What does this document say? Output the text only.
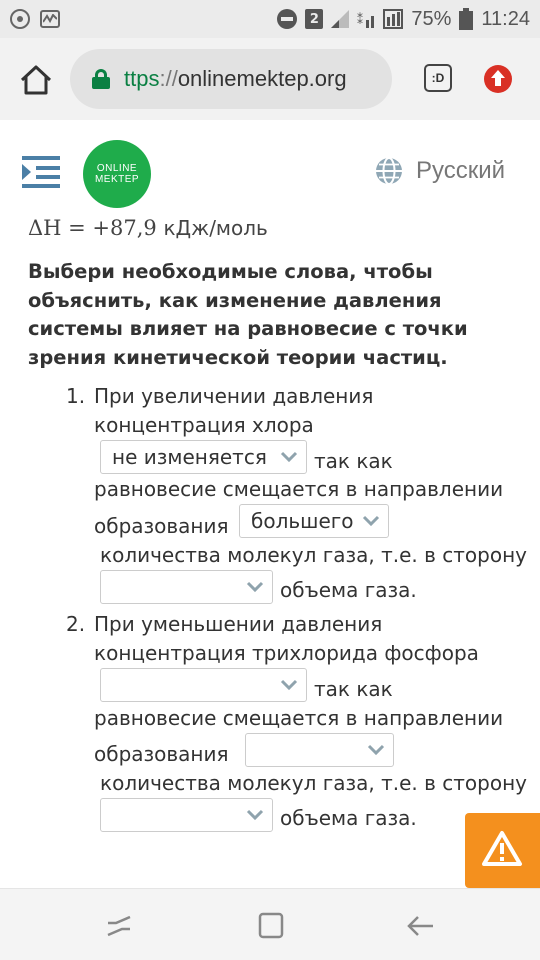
2	⁑ 75% 11:24
ttps://onlinemektep.org	:D
ONLINE
MEKTEP	Русский
ΔH = +87,9 кДж/моль
Выбери необходимые слова, чтобы объяснить, как изменение давления системы влияет на равновесие с точки зрения кинетической теории частиц.
1. При увеличении давления
концентрация хлора
не изменяется так как
равновесие смещается в направлении
образования большего
количества молекул газа, т.е. в сторону
объема газа.
2. При уменьшении давления
концентрация трихлорида фосфора
так как
равновесие смещается в направлении
образования
количества молекул газа, т.е. в сторону
объема газа.
